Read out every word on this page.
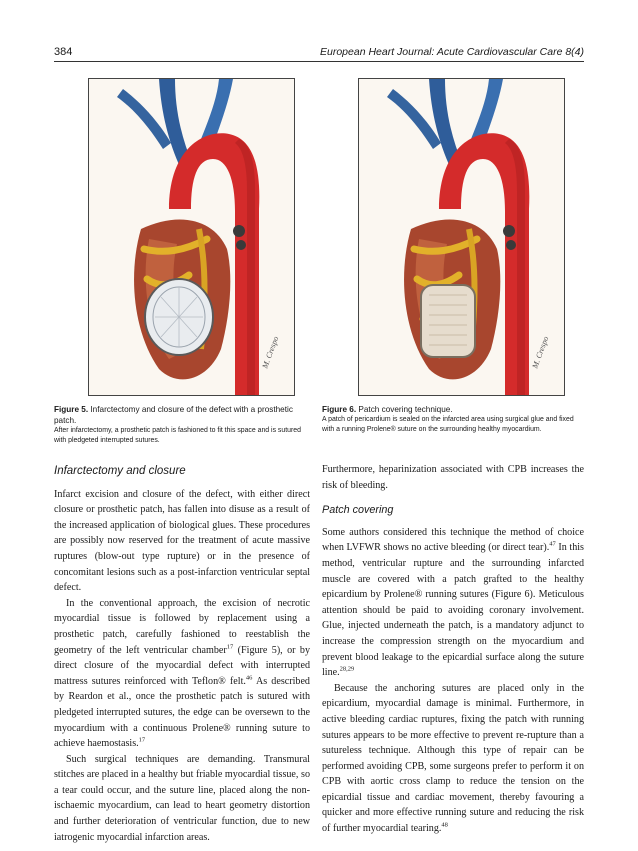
384	European Heart Journal: Acute Cardiovascular Care 8(4)
M. Crespo	M. Crespo
Figure 5. Infarctectomy and closure of the defect with a prosthetic patch.
After infarctectomy, a prosthetic patch is fashioned to fit this space and is sutured with pledgeted interrupted sutures.
Figure 6. Patch covering technique.
A patch of pericardium is sealed on the infarcted area using surgical glue and fixed with a running Prolene® suture on the surrounding healthy myocardium.
Infarctectomy and closure

Infarct excision and closure of the defect, with either direct closure or prosthetic patch, has fallen into disuse as a result of the increased application of biological glues. These procedures are possibly now reserved for the treatment of acute massive ruptures (blow-out type rupture) or in the presence of concomitant lesions such as a post-infarction ventricular septal defect.

In the conventional approach, the excision of necrotic myocardial tissue is followed by replacement using a prosthetic patch, carefully fashioned to reestablish the geometry of the left ventricular chamber$^{17}$ (Figure 5), or by direct closure of the myocardial defect with interrupted mattress sutures reinforced with Teflon® felt.$^{46}$ As described by Reardon et al., once the prosthetic patch is sutured with pledgeted interrupted sutures, the edge can be oversewn to the myocardium with a continuous Prolene® running suture to achieve haemostasis.$^{17}$

Such surgical techniques are demanding. Transmural stitches are placed in a healthy but friable myocardial tissue, so a tear could occur, and the suture line, placed along the non-ischaemic myocardium, can lead to heart geometry distortion and further deterioration of ventricular function, due to new iatrogenic myocardial infarction areas.

Furthermore, heparinization associated with CPB increases the risk of bleeding.

Patch covering

Some authors considered this technique the method of choice when LVFWR shows no active bleeding (or direct tear).$^{47}$ In this method, ventricular rupture and the surrounding infarcted muscle are covered with a patch grafted to the healthy epicardium by Prolene® running sutures (Figure 6). Meticulous attention should be paid to avoiding coronary involvement. Glue, injected underneath the patch, is a mandatory adjunct to increase the compression strength on the myocardium and prevent blood leakage to the epicardial surface along the suture line.$^{28,29}$

Because the anchoring sutures are placed only in the epicardium, myocardial damage is minimal. Furthermore, in active bleeding cardiac ruptures, fixing the patch with running sutures appears to be more effective to prevent re-rupture than a sutureless technique. Although this type of repair can be performed avoiding CPB, some surgeons prefer to perform it on CPB with aortic cross clamp to reduce the tension on the epicardial tissue and cardiac movement, thereby favouring a quicker and more effective running suture and reducing the risk of further myocardial tearing.$^{48}$
